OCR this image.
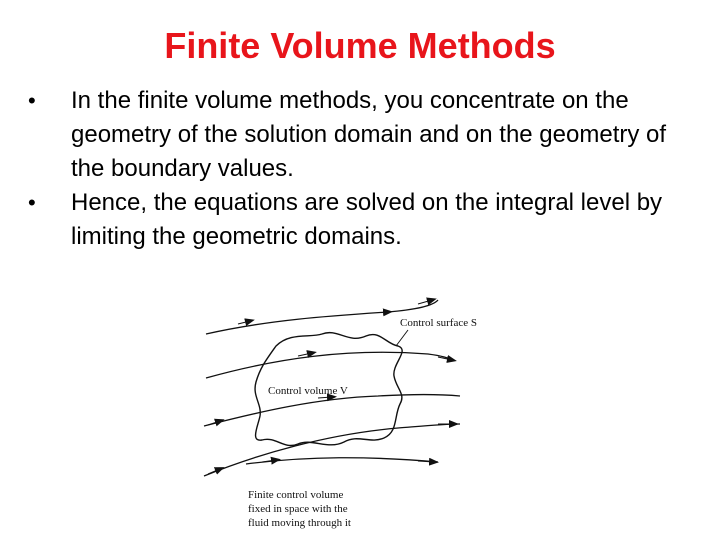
Finite Volume Methods
•	In the finite volume methods, you concentrate on the geometry of the solution domain and on the geometry of the boundary values.
•	Hence, the equations are solved on the integral level by limiting the geometric domains.
Control surface S
Control volume V
Finite control volume
fixed in space with the
fluid moving through it
